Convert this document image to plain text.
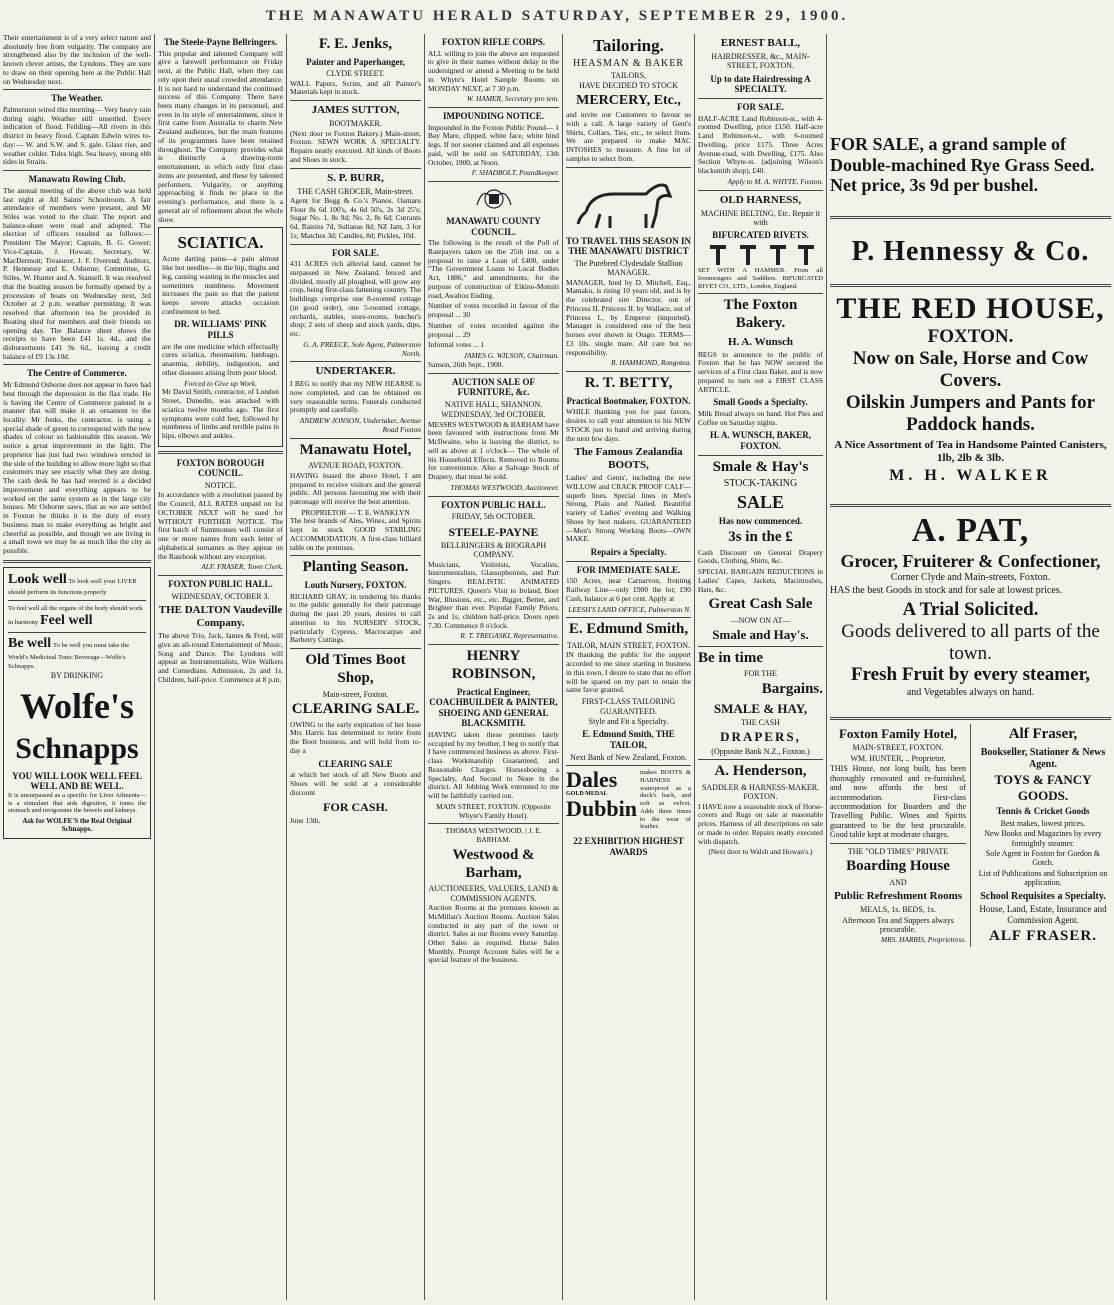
THE MANAWATU HERALD SATURDAY, SEPTEMBER 29, 1900.

Their entertainment is of a very select nature and absolutely free from vulgarity. The company are strengthened also by the inclusion of the well-known clever artists, the Lyndons. They are sure to draw on their opening here at the Public Hall on Wednesday next.

The Weather.

Palmerston wired this morning— Very heavy rain during night. Weather still unsettled. Every indication of flood. Feilding—All rivers in this district in heavy flood. Captain Edwin wires to-day:— W. and S.W. and S. gale. Glass rise, and weather colder. Tides high. Sea heavy, strong ebb tides in Straits.

Manawatu Rowing Club.

The annual meeting of the above club was held last night at All Saints' Schoolroom. A fair attendance of members were present, and Mr Stiles was voted to the chair. The report and balance-sheet were read and adopted. The election of officers resulted as follows:—President The Mayor; Captain, B. G. Gower; Vice-Captain, J. Howan; Secretary, W. MacDermott; Treasurer, J. F. Overend; Auditors, P. Hennessy and E. Osborne; Committee, G. Stiles, W. Hunter and A. Stansell. It was resolved that the boating season be formally opened by a procession of boats on Wednesday next, 3rd October at 2 p.m. weather permitting. It was resolved that afternoon tea be provided in Boating shed for members and their friends on opening day. The Balance sheet shows the receipts to have been £41 1s. 4d., and the disbursements £41 9s 6d., leaving a credit balance of £9 13s 10d.

The Centre of Commerce.

Mr Edmund Osborne does not appear to have had best through the depression in the flax trade. He is having the Centre of Commerce painted in a manner that will make it an ornament to the locality. Mr Jenks, the contractor, is using a special shade of green to correspond with the new shades of colour so fashionable this season. We notice a great improvement in the light. The proprietor has just had two windows erected in the side of the building to allow more light so that customers may see exactly what they are doing. The cash desk he has had erected is a decided improvement and everything appears to be worked on the same system as in the large city houses. Mr Osborne saws, that as we are settled in Foxton he thinks it is the duty of every business man to make everything as bright and cheerful as possible, and though we are living in a small town we may be as much like the city as possible.

Look well To look well your LIVER should perform its functions properly
To feel well all the organs of the body should work in harmony Feel well
Be well To be well you must take the World's Medicinal Tonic Beverage—Wolfe's Schnapps.
BY DRINKING
Wolfe's
Schnapps
YOU WILL LOOK WELL FEEL WELL AND BE WELL.

It is unsurpassed as a specific for Liver Ailments—is a stimulant that aids digestion, it tones the stomach and invigorates the bowels and kidneys.

Ask for WOLFE'S the Real Original Schnapps.
The Steele-Payne Bellringers.

This popular and talented Company will give a farewell performance on Friday next, at the Public Hall, when they can rely upon their usual crowded attendance. It is not hard to understand the continued success of this Company. There have been many changes in its personnel, and even in its style of entertainment, since it first came from Australia to charm New Zealand audiences, but the main features of its programmes have been retained throughout. The Company provides what is distinctly a drawing-room entertainment, in which only first class items are presented, and these by talented performers. Vulgarity, or anything approaching it finds no place in the evening's performance, and there is a general air of refinement about the whole show.

SCIATICA.

Acute darting pains—a pain almost like hot needles—in the hip, thighs and leg, causing wasting in the muscles and sometimes numbness. Movement increases the pain so that the patient keeps severe attacks occasion confinement to bed.

DR. WILLIAMS' PINK PILLS

are the one medicine which effectually cures sciatica, rheumatism, lumbago, anaemia, debility, indigestion, and other diseases arising from poor blood.

Forced to Give up Work.

Mr David Smith, contractor, of London Street, Dunedin, was attacked with sciatica twelve months ago. The first symptoms were cold feet, followed by numbness of limbs and terrible pains in hips, elbows and ankles.

FOXTON BOROUGH COUNCIL.
NOTICE.

In accordance with a resolution passed by the Council, ALL RATES unpaid on 1st OCTOBER NEXT will be sued for WITHOUT FURTHER NOTICE. The first batch of Summonses will consist of one or more names from each letter of alphabetical surnames as they appear on the Ratebook without any exception.

ALF. FRASER, Town Clerk.
FOXTON PUBLIC HALL.
WEDNESDAY, OCTOBER 3.
THE DALTON Vaudeville Company.

The above Trio, Jack, James & Fred, will give an all-round Entertainment of Music, Song and Dance. The Lyndons will appear as Instrumentalists, Wire Walkers and Comedians. Admission, 2s and 1s. Children, half-price. Commence at 8 p.m.

F. E. Jenks,
Painter and Paperhanger,
CLYDE STREET.

WALL Papers, Scrim, and all Painter's Materials kept in stock.

JAMES SUTTON,
BOOTMAKER.

(Next door to Foxton Bakery.) Main-street, Foxton. SEWN WORK A SPECIALTY. Repairs neatly executed. All kinds of Boots and Shoes in stock.

S. P. BURR,
THE CASH GROCER, Main-street.

Agent for Begg & Co.'s Pianos. Oamaru Flour 8s 6d 100's, 4s 6d 50's, 2s 3d 25's; Sugar No. 1, 8s 9d; No. 2, 8s 6d; Currants 6d, Raisins 7d, Sultanas 8d; NZ Jam, 3 for 1s; Matches 3d; Candles, 8d; Pickles, 10d.

FOR SALE.

431 ACRES rich alluvial land, cannot be surpassed in New Zealand, fenced and divided, mostly all ploughed, will grow any crop, being first-class fattening country. The buildings comprise one 8-roomed cottage (in good order), one 5-roomed cottage, orchards, stables, store-rooms, butcher's shop; 2 sets of sheep and stock yards, dips, etc.

G. A. PREECE, Sole Agent, Palmerston North.
UNDERTAKER.

I BEG to notify that my NEW HEARSE is now completed, and can be obtained on very reasonable terms. Funerals conducted promptly and carefully.

ANDREW JONSON, Undertaker, Avenue Road Foxton
Manawatu Hotel,
AVENUE ROAD, FOXTON.

HAVING leased the above Hotel, I am prepared to receive visitors and the general public. All persons favouring me with their patronage will receive the best attention.

PROPRIETOR — T. E. WANKLYN

The best brands of Ales, Wines, and Spirits kept in stock. GOOD STABLING ACCOMMODATION. A first-class billiard table on the premises.

Planting Season.
Louth Nursery, FOXTON.

RICHARD GRAY, in tendering his thanks to the public generally for their patronage during the past 20 years, desires to call attention to his NURSERY STOCK, particularly Cypress, Macrocarpas and Barberry Cuttings.

Old Times Boot Shop,
Main-street, Foxton.
CLEARING SALE.

OWING to the early expiration of her lease Mrs Harris has determined to retire from the Boot business, and will hold from to-day a

CLEARING SALE

at which her stock of all New Boots and Shoes will be sold at a considerable discount

FOR CASH.
June 13th.
FOXTON RIFLE CORPS.

ALL willing to join the above are requested to give in their names without delay to the undersigned or attend a Meeting to be held in Whyte's Hotel Sample Rooms on MONDAY NEXT, at 7 30 p.m.

W. HAMER, Secretary pro tem.
IMPOUNDING NOTICE.

Impounded in the Foxton Public Pound— 1 Bay Mare, clipped, white face, white hind legs. If not sooner claimed and all expenses paid, will be sold on SATURDAY, 13th October, 1900, at Noon.

F. SHADBOLT, Poundkeeper.
MANAWATU COUNTY COUNCIL.

The following is the result of the Poll of Ratepayers taken on the 25th inst. on a proposal to raise a Loan of £400, under "The Government Loans to Local Bodies Act, 1886," and amendments, for the purpose of construction of Eikino-Motuiti road, Awahou Ending.

Number of votes recorded in favour of the proposal ... 30

Number of votes recorded against the proposal ... 29

Informal votes ... 1

JAMES G. WILSON, Chairman.
Sanson, 26th Sept., 1900.
AUCTION SALE OF FURNITURE, &c.
NATIVE HALL, SHANNON.
WEDNESDAY, 3rd OCTOBER.

MESSRS WESTWOOD & BARHAM have been favoured with instructions from Mr McIlwaine, who is leaving the district, to sell as above at 1 o'clock— The whole of his Household Effects. Removed to Rooms for convenience. Also a Salvage Stock of Drapery, that must be sold.

THOMAS WESTWOOD, Auctioneer.
FOXTON PUBLIC HALL.
FRIDAY, 5th OCTOBER.
STEELE-PAYNE
BELLRINGERS & BIOGRAPH COMPANY.

Musicians, Violinists, Vocalists, Instrumentalists, Glassophonists, and Part Singers. REALISTIC ANIMATED PICTURES. Queen's Visit to Ireland, Boer War, Illusions, etc., etc. Bigger, Better, and Brighter than ever. Popular Family Prices, 2s and 1s; children half-price. Doors open 7.30. Commence 8 o'clock.

R. T. TREGASKI, Representative.
HENRY ROBINSON,
Practical Engineer, COACHBUILDER & PAINTER, SHOEING AND GENERAL BLACKSMITH.

HAVING taken these premises lately occupied by my brother, I beg to notify that I have commenced business as above. First-class Workmanship Guaranteed, and Reasonable Charges. Horseshoeing a Specialty, And Second to None in the district. All Jobbing Work entrusted to me will be faithfully carried out.

MAIN STREET, FOXTON. (Opposite Whyte's Family Hotel).
THOMAS WESTWOOD. | J. E. BARHAM.
Westwood & Barham,
AUCTIONEERS, VALUERS, LAND & COMMISSION AGENTS.

Auction Rooms at the premises known as McMillan's Auction Rooms. Auction Sales conducted in any part of the town or district. Sales at our Rooms every Saturday. Other Sales as required. Horse Sales Monthly. Prompt Account Sales will be a special feature of the business.

Tailoring.
HEASMAN & BAKER
TAILORS,
HAVE DECIDED TO STOCK
MERCERY, Etc.,

and invite our Customers to favour us with a call. A large variety of Gent's Shirts, Collars, Ties, etc., to select from. We are prepared to make MAC INTOSHES to measure. A fine lot of samples to select from.

TO TRAVEL THIS SEASON IN THE MANAWATU DISTRICT
The Purebred Clydesdale Stallion MANAGER.

MANAGER, bred by D. Mitchell, Esq., Mamaku, is rising 10 years old, and is by the celebrated sire Director, out of Princess II. Princess II. by Wallace, out of Princess I., by Emperor (imported). Manager is considered one of the best horses ever shown in Otago. TERMS—£3 10s. single mare. All care but no responsibility.

R. HAMMOND, Rongotea.
R. T. BETTY,
Practical Bootmaker, FOXTON.

WHILE thanking you for past favors, desires to call your attention to his NEW STOCK just to hand and arriving during the next few days.

The Famous Zealandia BOOTS,

Ladies' and Gents', including the new WILLOW and CRACK PROOF CALF—superb lines. Special lines in Men's Strong, Plain and Nailed. Beautiful variety of Ladies' evening and Walking Shoes by best makers. GUARANTEED—Men's Strong Working Boots—OWN MAKE.

Repairs a Specialty.
FOR IMMEDIATE SALE.

150 Acres, near Carnarvon, fronting Railway Line—only £900 the lot; £90 Cash, balance at 6 per cent. Apply at

LEESH'S LAND OFFICE, Palmerston N.
E. Edmund Smith,
TAILOR, MAIN STREET, FOXTON.

IN thanking the public for the support accorded to me since starting in business in this town, I desire to state that no effort will be spared on my part to retain the same favor granted.

FIRST-CLASS TAILORING GUARANTEED.
Style and Fit a Specialty.
E. Edmund Smith, THE TAILOR,
Next Bank of New Zealand, Foxton.
Dales
GOLD MEDAL
Dubbin

makes BOOTS & HARNESS waterproof as a duck's back, and soft as velvet. Adds three times to the wear of leather.

22 EXHIBITION HIGHEST AWARDS
ERNEST BALL,
HAIRDRESSER, &c., MAIN-STREET, FOXTON.
Up to date Hairdressing A SPECIALTY.
FOR SALE.

HALF-ACRE Land Robinson-st., with 4-roomed Dwelling, price £150. Half-acre Land Robinson-st., with 6-roomed Dwelling, price £175. Three Acres Avenue-road, with Dwelling, £175. Also Section Whyte-st. (adjoining Wilson's blacksmith shop), £40.

Apply to M. A. WHYTE, Foxton.
OLD HARNESS,
MACHINE BELTING, Etc. Repair it with
BIFURCATED RIVETS.

SET WITH A HAMMER. From all Ironmongers and Saddlers. BIFURCATED RIVET CO., LTD., London, England.

The Foxton Bakery.
H. A. Wunsch

BEGS to announce to the public of Foxton that he has NOW secured the services of a First class Baker, and is now prepared to turn out a FIRST CLASS ARTICLE.

Small Goods a Specialty.

Milk Bread always on hand. Hot Pies and Coffee on Saturday nights.

H. A. WUNSCH, BAKER, FOXTON.
Smale & Hay's
STOCK-TAKING
SALE
Has now commenced.
3s in the £

Cash Discount on General Drapery Goods, Clothing, Shirts, &c.

SPECIAL BARGAIN REDUCTIONS in Ladies' Capes, Jackets, Macintoshes, Hats, &c.

Great Cash Sale
—NOW ON AT—
Smale and Hay's.
Be in time
FOR THE
Bargains.
SMALE & HAY,
THE CASH
DRAPERS,
(Opposite Bank N.Z., Foxton.)
A. Henderson,
SADDLER & HARNESS-MAKER. FOXTON.

I HAVE now a seasonable stock of Horse-covers and Rugs on sale at reasonable prices. Harness of all descriptions on sale or made to order. Repairs neatly executed with dispatch.

(Next door to Walsh and Howan's.)
FOR SALE, a grand sample of Double-machined Rye Grass Seed. Net price, 3s 9d per bushel.
P. Hennessy & Co.
THE RED HOUSE,
FOXTON.
Now on Sale, Horse and Cow Covers.
Oilskin Jumpers and Pants for Paddock hands.
A Nice Assortment of Tea in Handsome Painted Canisters, 1lb, 2lb & 3lb.
M. H. WALKER
A. PAT,
Grocer, Fruiterer & Confectioner,
Corner Clyde and Main-streets, Foxton.

HAS the best Goods in stock and for sale at lowest prices.

A Trial Solicited.
Goods delivered to all parts of the town.
Fresh Fruit by every steamer,
and Vegetables always on hand.
Foxton Family Hotel,
MAIN-STREET, FOXTON.
WM. HUNTER, .. Proprietor.

THIS House, not long built, has been thoroughly renovated and re-furnished, and now affords the best of accommodation. First-class accommodation for Boarders and the Travelling Public. Wines and Spirits guaranteed to be the best procurable. Good table kept at moderate charges.

THE "OLD TIMES" PRIVATE
Boarding House
AND
Public Refreshment Rooms
MEALS, 1s. BEDS, 1s.
Afternoon Tea and Suppers always procurable.
MRS. HARRIS, Proprietress.
Alf Fraser,
Bookseller, Stationer & News Agent.
TOYS & FANCY GOODS.
Tennis & Cricket Goods
Best makes, lowest prices.
New Books and Magazines by every fortnightly steamer.
Sole Agent in Foxton for Gordon & Gotch.
List of Publications and Subscription on application.
School Requisites a Specialty.
House, Land, Estate, Insurance and Commission Agent.
ALF FRASER.
